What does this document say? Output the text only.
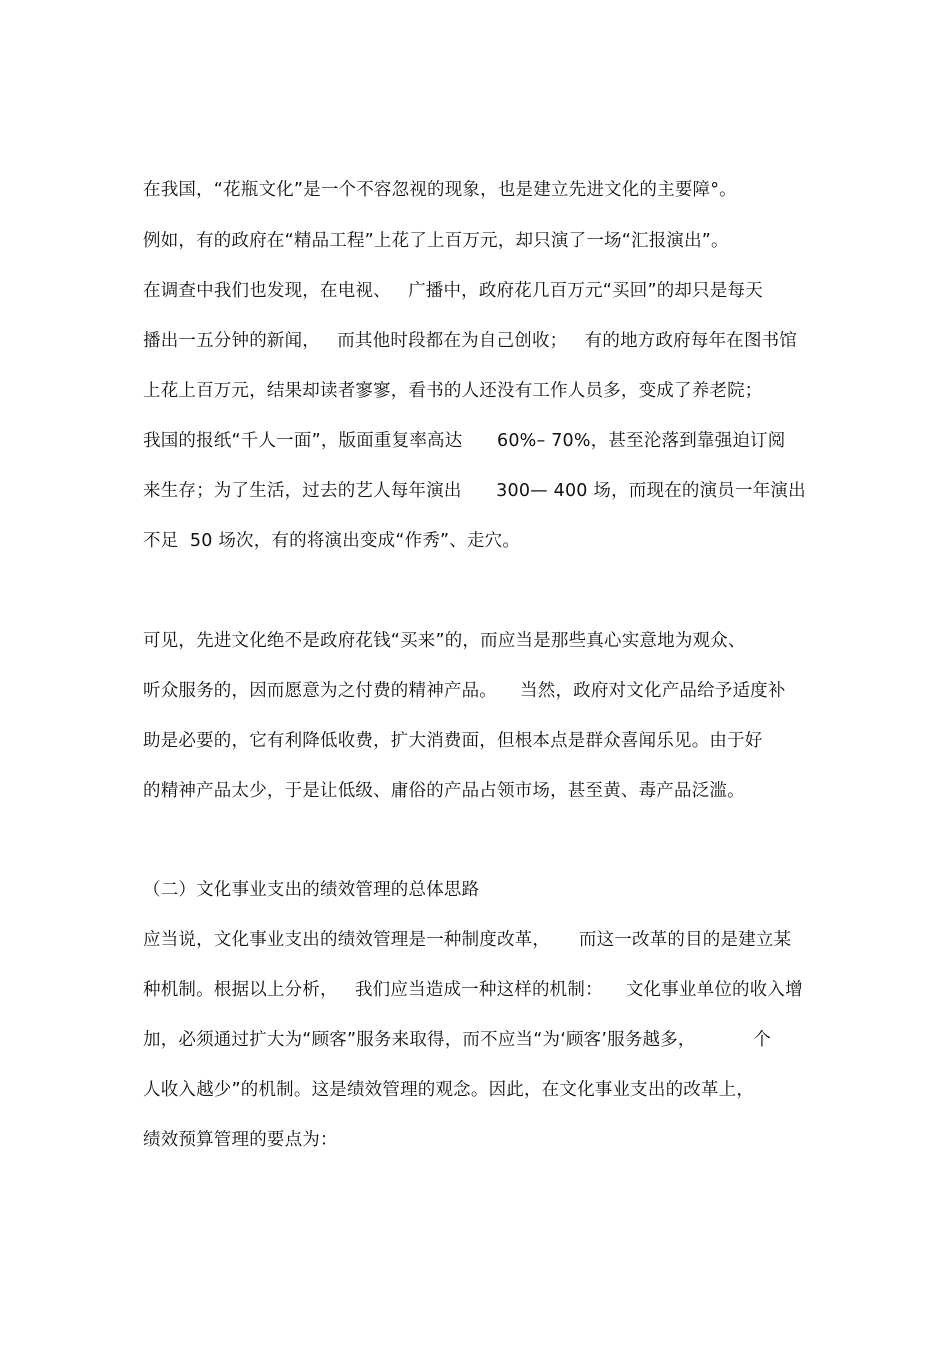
在我国，“花瓶文化”是一个不容忽视的现象，也是建立先进文化的主要障°。
例如，有的政府在“精品工程”上花了上百万元，却只演了一场“汇报演出”。
在调查中我们也发现，在电视、   广播中，政府花几百万元“买回”的却只是每天
播出一五分钟的新闻，   而其他时段都在为自己创收；   有的地方政府每年在图书馆
上花上百万元，结果却读者寥寥，看书的人还没有工作人员多，变成了养老院；
我国的报纸“千人一面”，版面重复率高达      60%– 70%，甚至沦落到靠强迫订阅
来生存；为了生活，过去的艺人每年演出      300— 400 场，而现在的演员一年演出
不足  50 场次，有的将演出变成“作秀”、走穴。
可见，先进文化绝不是政府花钱“买来”的，而应当是那些真心实意地为观众、
听众服务的，因而愿意为之付费的精神产品。    当然，政府对文化产品给予适度补
助是必要的，它有利降低收费，扩大消费面，但根本点是群众喜闻乐见。由于好
的精神产品太少，于是让低级、庸俗的产品占领市场，甚至黄、毒产品泛滥。
（二）文化事业支出的绩效管理的总体思路
应当说，文化事业支出的绩效管理是一种制度改革，     而这一改革的目的是建立某
种机制。根据以上分析，   我们应当造成一种这样的机制：    文化事业单位的收入增
加，必须通过扩大为“顾客”服务来取得，而不应当“为‘顾客’服务越多，          个
人收入越少”的机制。这是绩效管理的观念。因此，在文化事业支出的改革上，
绩效预算管理的要点为：
